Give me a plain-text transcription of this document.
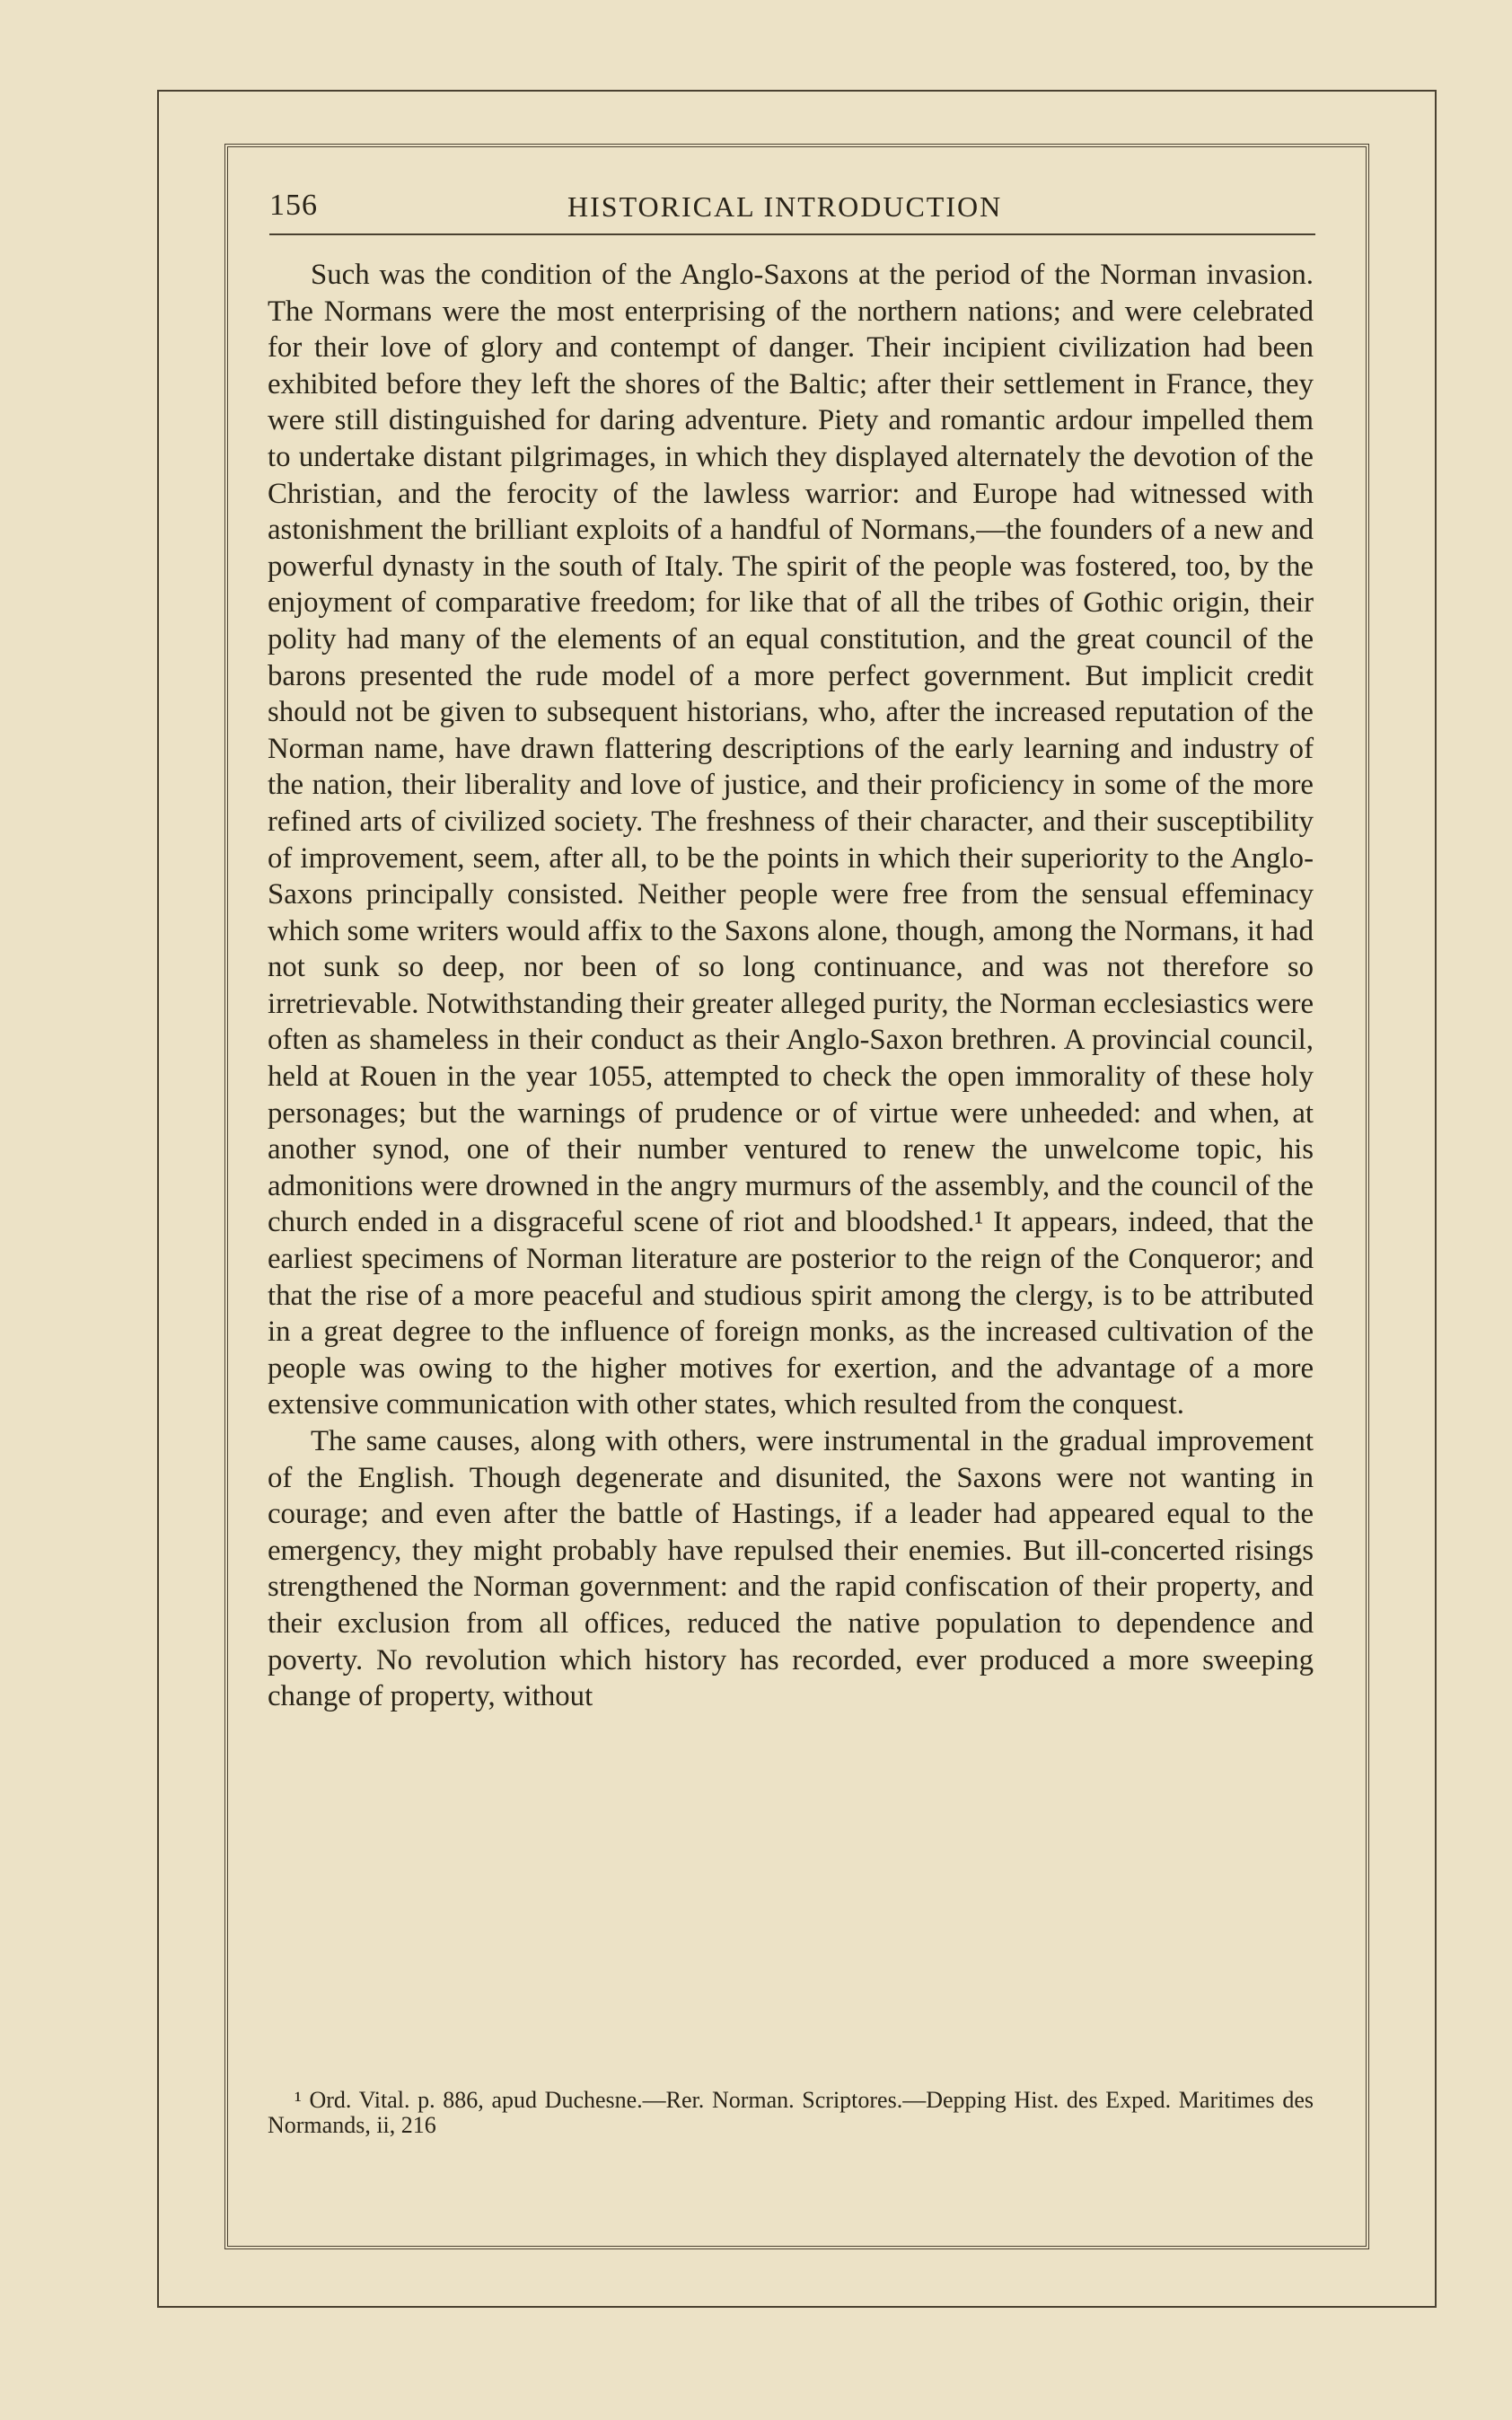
156	HISTORICAL INTRODUCTION

Such was the condition of the Anglo-Saxons at the period of the Norman invasion. The Normans were the most enterprising of the northern nations; and were celebrated for their love of glory and contempt of danger. Their incipient civilization had been exhibited before they left the shores of the Baltic; after their settlement in France, they were still distinguished for daring adventure. Piety and romantic ardour impelled them to undertake distant pilgrimages, in which they displayed alternately the devotion of the Christian, and the ferocity of the lawless warrior: and Europe had witnessed with astonishment the brilliant exploits of a handful of Normans,—the founders of a new and powerful dynasty in the south of Italy. The spirit of the people was fostered, too, by the enjoyment of comparative freedom; for like that of all the tribes of Gothic origin, their polity had many of the elements of an equal constitution, and the great council of the barons presented the rude model of a more perfect government. But implicit credit should not be given to subsequent historians, who, after the increased reputation of the Norman name, have drawn flattering descriptions of the early learning and industry of the nation, their liberality and love of justice, and their proficiency in some of the more refined arts of civilized society. The freshness of their character, and their susceptibility of improvement, seem, after all, to be the points in which their superiority to the Anglo-Saxons principally consisted. Neither people were free from the sensual effeminacy which some writers would affix to the Saxons alone, though, among the Normans, it had not sunk so deep, nor been of so long continuance, and was not therefore so irretrievable. Notwithstanding their greater alleged purity, the Norman ecclesiastics were often as shameless in their conduct as their Anglo-Saxon brethren. A provincial council, held at Rouen in the year 1055, attempted to check the open immorality of these holy personages; but the warnings of prudence or of virtue were unheeded: and when, at another synod, one of their number ventured to renew the unwelcome topic, his admonitions were drowned in the angry murmurs of the assembly, and the council of the church ended in a disgraceful scene of riot and bloodshed.¹ It appears, indeed, that the earliest specimens of Norman literature are posterior to the reign of the Conqueror; and that the rise of a more peaceful and studious spirit among the clergy, is to be attributed in a great degree to the influence of foreign monks, as the increased cultivation of the people was owing to the higher motives for exertion, and the advantage of a more extensive communication with other states, which resulted from the conquest.

The same causes, along with others, were instrumental in the gradual improvement of the English. Though degenerate and disunited, the Saxons were not wanting in courage; and even after the battle of Hastings, if a leader had appeared equal to the emergency, they might probably have repulsed their enemies. But ill-concerted risings strengthened the Norman government: and the rapid confiscation of their property, and their exclusion from all offices, reduced the native population to dependence and poverty. No revolution which history has recorded, ever produced a more sweeping change of property, without

¹ Ord. Vital. p. 886, apud Duchesne.—Rer. Norman. Scriptores.—Depping Hist. des Exped. Maritimes des Normands, ii, 216
